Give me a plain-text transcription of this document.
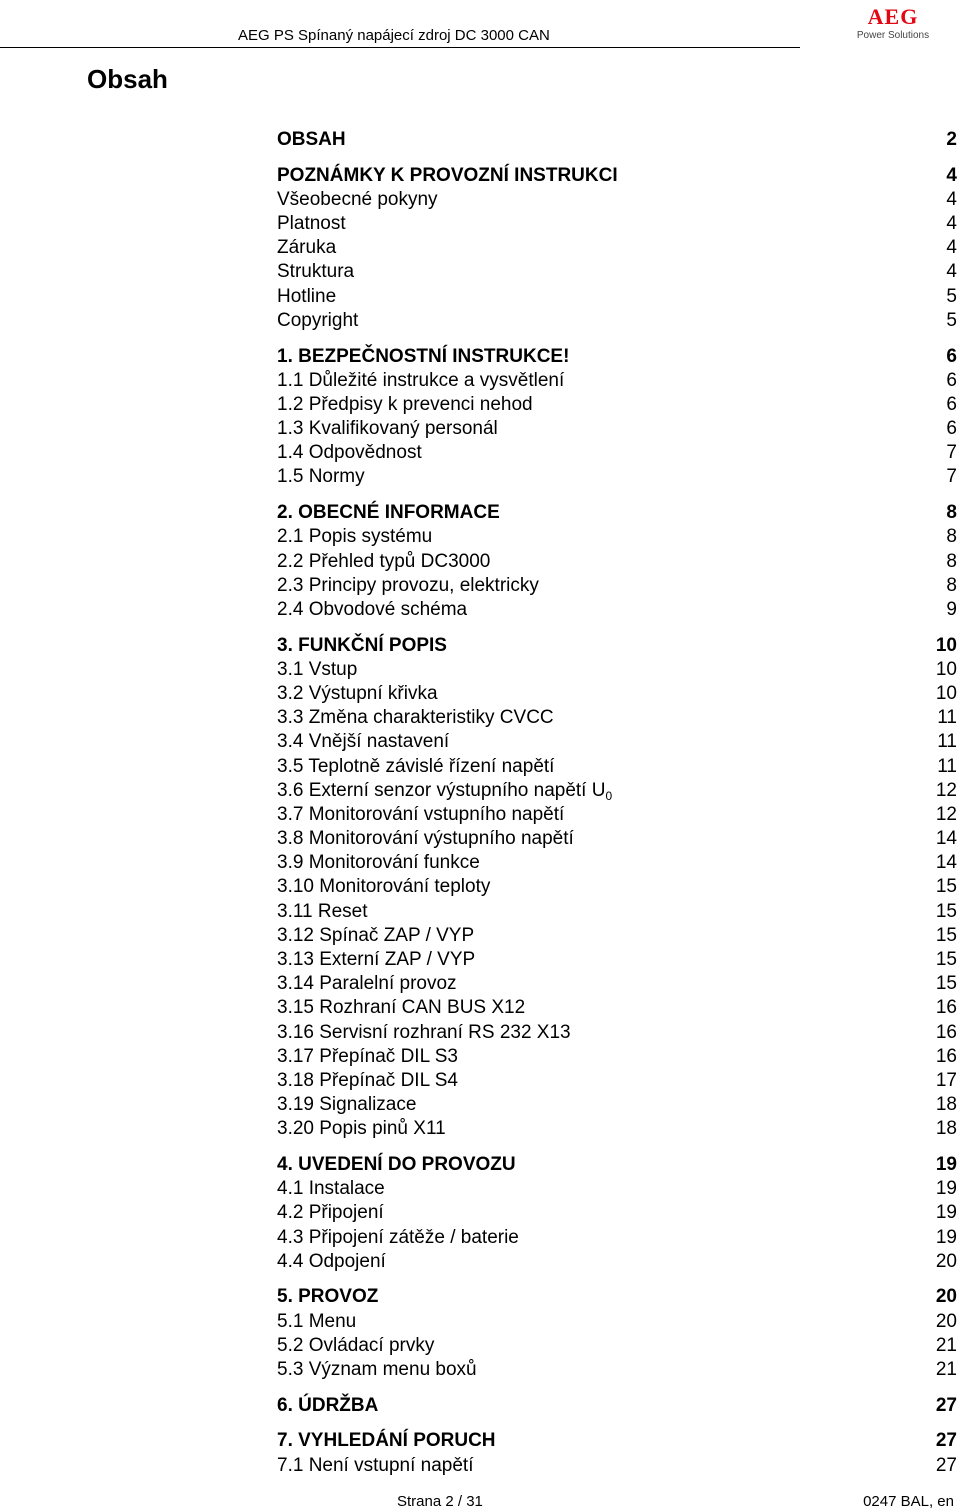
AEG PS Spínaný napájecí zdroj DC 3000 CAN
AEG
Power Solutions
Obsah
OBSAH	2
POZNÁMKY K PROVOZNÍ INSTRUKCI	4
Všeobecné pokyny	4
Platnost	4
Záruka	4
Struktura	4
Hotline	5
Copyright	5
1. BEZPEČNOSTNÍ INSTRUKCE!	6
1.1 Důležité instrukce a vysvětlení	6
1.2 Předpisy k prevenci nehod	6
1.3 Kvalifikovaný personál	6
1.4 Odpovědnost	7
1.5 Normy	7
2. OBECNÉ INFORMACE	8
2.1 Popis systému	8
2.2 Přehled typů DC3000	8
2.3 Principy provozu, elektricky	8
2.4 Obvodové schéma	9
3. FUNKČNÍ POPIS	10
3.1 Vstup	10
3.2 Výstupní křivka	10
3.3 Změna charakteristiky CVCC	11
3.4 Vnější nastavení	11
3.5 Teplotně závislé řízení napětí	11
3.6 Externí senzor výstupního napětí $U_0$	12
3.7 Monitorování vstupního napětí	12
3.8 Monitorování výstupního napětí	14
3.9 Monitorování funkce	14
3.10 Monitorování teploty	15
3.11 Reset	15
3.12 Spínač ZAP / VYP	15
3.13 Externí ZAP / VYP	15
3.14 Paralelní provoz	15
3.15 Rozhraní CAN BUS X12	16
3.16 Servisní rozhraní RS 232 X13	16
3.17 Přepínač DIL S3	16
3.18 Přepínač DIL S4	17
3.19 Signalizace	18
3.20 Popis pinů X11	18
4. UVEDENÍ DO PROVOZU	19
4.1 Instalace	19
4.2 Připojení	19
4.3 Připojení zátěže / baterie	19
4.4 Odpojení	20
5. PROVOZ	20
5.1 Menu	20
5.2 Ovládací prvky	21
5.3 Význam menu boxů	21
6. ÚDRŽBA	27
7. VYHLEDÁNÍ PORUCH	27
7.1 Není vstupní napětí	27
Strana 2 / 31	0247 BAL, en
